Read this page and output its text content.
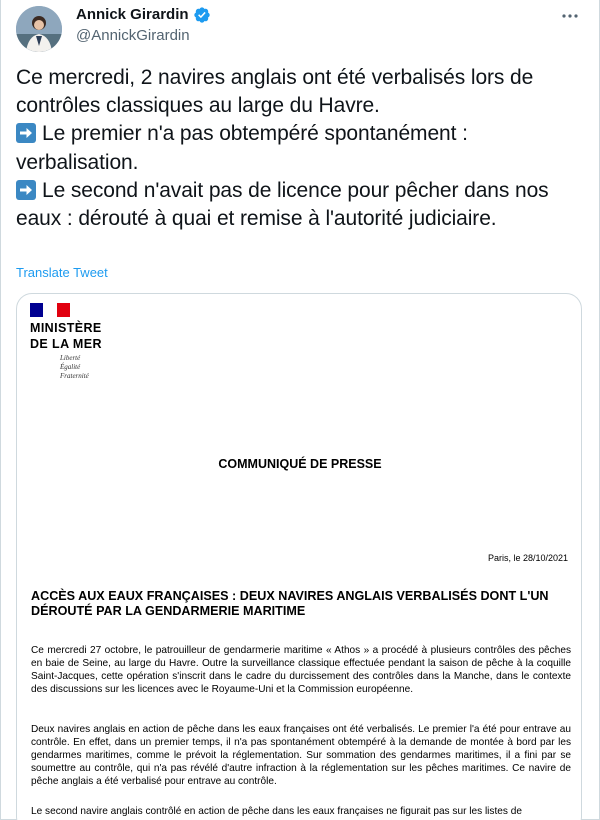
Annick Girardin
@AnnickGirardin

Ce mercredi, 2 navires anglais ont été verbalisés lors de contrôles classiques au large du Havre.

Le premier n'a pas obtempéré spontanément : verbalisation.

Le second n'avait pas de licence pour pêcher dans nos eaux : dérouté à quai et remise à l'autorité judiciaire.

Translate Tweet
MINISTÈRE
DE LA MER
Liberté
Égalité
Fraternité
COMMUNIQUÉ DE PRESSE
Paris, le 28/10/2021
ACCÈS AUX EAUX FRANÇAISES : DEUX NAVIRES ANGLAIS VERBALISÉS DONT L'UN DÉROUTÉ PAR LA GENDARMERIE MARITIME
Ce mercredi 27 octobre, le patrouilleur de gendarmerie maritime « Athos » a procédé à plusieurs contrôles des pêches en baie de Seine, au large du Havre. Outre la surveillance classique effectuée pendant la saison de pêche à la coquille Saint-Jacques, cette opération s'inscrit dans le cadre du durcissement des contrôles dans la Manche, dans le contexte des discussions sur les licences avec le Royaume-Uni et la Commission européenne.
Deux navires anglais en action de pêche dans les eaux françaises ont été verbalisés. Le premier l'a été pour entrave au contrôle. En effet, dans un premier temps, il n'a pas spontanément obtempéré à la demande de montée à bord par les gendarmes maritimes, comme le prévoit la réglementation. Sur sommation des gendarmes maritimes, il a fini par se soumettre au contrôle, qui n'a pas révélé d'autre infraction à la réglementation sur les pêches maritimes. Ce navire de pêche anglais a été verbalisé pour entrave au contrôle.
Le second navire anglais contrôlé en action de pêche dans les eaux françaises ne figurait pas sur les listes de
